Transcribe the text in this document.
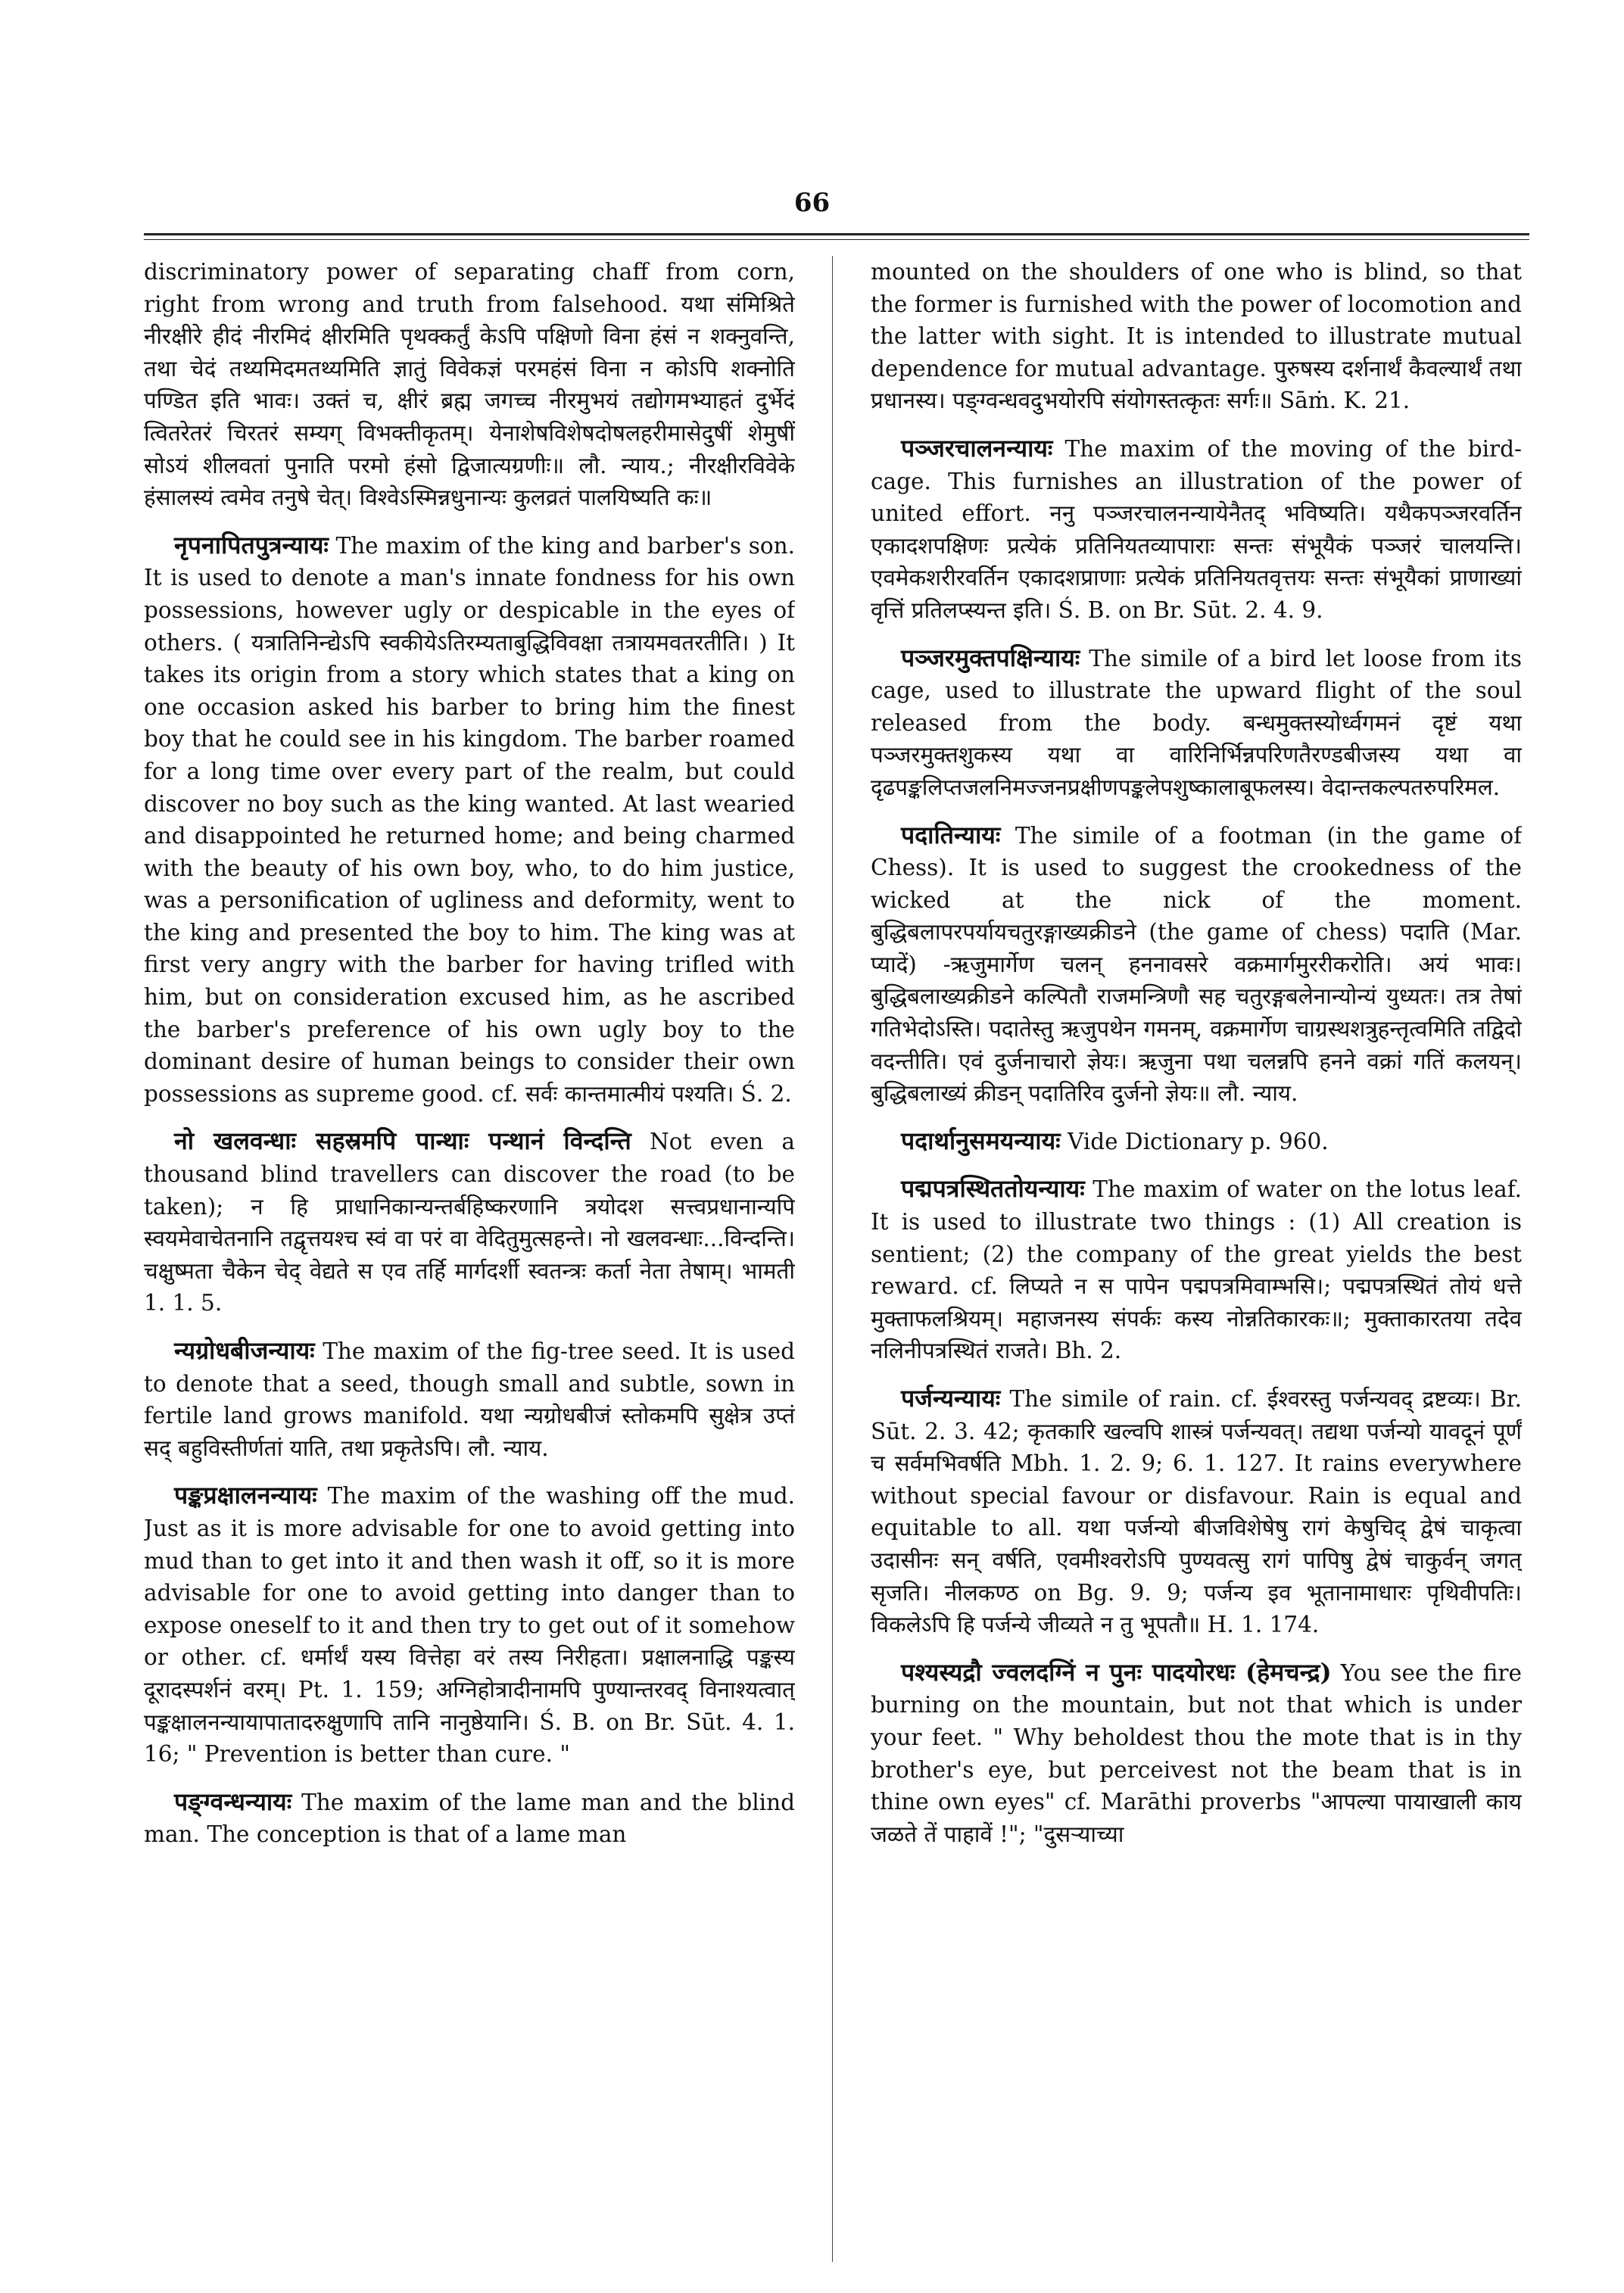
66

discriminatory power of separating chaff from corn, right from wrong and truth from falsehood. यथा संमिश्रिते नीरक्षीरे हीदं नीरमिदं क्षीरमिति पृथक्कर्तुं केऽपि पक्षिणो विना हंसं न शक्नुवन्ति, तथा चेदं तथ्यमिदमतथ्यमिति ज्ञातुं विवेकज्ञं परमहंसं विना न कोऽपि शक्नोति पण्डित इति भावः। उक्तं च, क्षीरं ब्रह्म जगच्च नीरमुभयं तद्योगमभ्याहतं दुर्भेदं त्वितरेतरं चिरतरं सम्यग् विभक्तीकृतम्। येनाशेषविशेषदोषलहरीमासेदुषीं शेमुषीं सोऽयं शीलवतां पुनाति परमो हंसो द्विजात्यग्रणीः॥ लौ. न्याय.; नीरक्षीरविवेके हंसालस्यं त्वमेव तनुषे चेत्। विश्वेऽस्मिन्नधुनान्यः कुलव्रतं पालयिष्यति कः॥

नृपनापितपुत्रन्यायः The maxim of the king and barber's son. It is used to denote a man's innate fondness for his own possessions, however ugly or despicable in the eyes of others. ( यत्रातिनिन्द्येऽपि स्वकीयेऽतिरम्यताबुद्धिविवक्षा तत्रायमवतरतीति। ) It takes its origin from a story which states that a king on one occasion asked his barber to bring him the finest boy that he could see in his kingdom. The barber roamed for a long time over every part of the realm, but could discover no boy such as the king wanted. At last wearied and disappointed he returned home; and being charmed with the beauty of his own boy, who, to do him justice, was a personification of ugliness and deformity, went to the king and presented the boy to him. The king was at first very angry with the barber for having trifled with him, but on consideration excused him, as he ascribed the barber's preference of his own ugly boy to the dominant desire of human beings to consider their own possessions as supreme good. cf. सर्वः कान्तमात्मीयं पश्यति। Ś. 2.

नो खलवन्धाः सहस्रमपि पान्थाः पन्थानं विन्दन्ति Not even a thousand blind travellers can discover the road (to be taken); न हि प्राधानिकान्यन्तर्बहिष्करणानि त्रयोदश सत्त्वप्रधानान्यपि स्वयमेवाचेतनानि तद्वृत्तयश्च स्वं वा परं वा वेदितुमुत्सहन्ते। नो खलवन्धाः...विन्दन्ति। चक्षुष्मता चैकेन चेद् वेद्यते स एव तर्हि मार्गदर्शी स्वतन्त्रः कर्ता नेता तेषाम्। भामती 1. 1. 5.

न्यग्रोधबीजन्यायः The maxim of the fig-tree seed. It is used to denote that a seed, though small and subtle, sown in fertile land grows manifold. यथा न्यग्रोधबीजं स्तोकमपि सुक्षेत्र उप्तं सद् बहुविस्तीर्णतां याति, तथा प्रकृतेऽपि। लौ. न्याय.

पङ्कप्रक्षालनन्यायः The maxim of the washing off the mud. Just as it is more advisable for one to avoid getting into mud than to get into it and then wash it off, so it is more advisable for one to avoid getting into danger than to expose oneself to it and then try to get out of it somehow or other. cf. धर्मार्थं यस्य वित्तेहा वरं तस्य निरीहता। प्रक्षालनाद्धि पङ्कस्य दूरादस्पर्शनं वरम्। Pt. 1. 159; अग्निहोत्रादीनामपि पुण्यान्तरवद् विनाश्यत्वात् पङ्कक्षालनन्यायापातादरुक्षुणापि तानि नानुष्ठेयानि। Ś. B. on Br. Sūt. 4. 1. 16; " Prevention is better than cure. "

पङ्ग्वन्धन्यायः The maxim of the lame man and the blind man. The conception is that of a lame man

mounted on the shoulders of one who is blind, so that the former is furnished with the power of locomotion and the latter with sight. It is intended to illustrate mutual dependence for mutual advantage. पुरुषस्य दर्शनार्थं कैवल्यार्थं तथा प्रधानस्य। पङ्ग्वन्धवदुभयोरपि संयोगस्तत्कृतः सर्गः॥ Sāṁ. K. 21.

पञ्जरचालनन्यायः The maxim of the moving of the bird-cage. This furnishes an illustration of the power of united effort. ननु पञ्जरचालनन्यायेनैतद् भविष्यति। यथैकपञ्जरवर्तिन एकादशपक्षिणः प्रत्येकं प्रतिनियतव्यापाराः सन्तः संभूयैकं पञ्जरं चालयन्ति। एवमेकशरीरवर्तिन एकादशप्राणाः प्रत्येकं प्रतिनियतवृत्तयः सन्तः संभूयैकां प्राणाख्यां वृत्तिं प्रतिलप्स्यन्त इति। Ś. B. on Br. Sūt. 2. 4. 9.

पञ्जरमुक्तपक्षिन्यायः The simile of a bird let loose from its cage, used to illustrate the upward flight of the soul released from the body. बन्धमुक्तस्योर्ध्वगमनं दृष्टं यथा पञ्जरमुक्तशुकस्य यथा वा वारिनिर्भिन्नपरिणतैरण्डबीजस्य यथा वा दृढपङ्कलिप्तजलनिमज्जनप्रक्षीणपङ्कलेपशुष्कालाबूफलस्य। वेदान्तकल्पतरुपरिमल.

पदातिन्यायः The simile of a footman (in the game of Chess). It is used to suggest the crookedness of the wicked at the nick of the moment. बुद्धिबलापरपर्यायचतुरङ्गाख्यक्रीडने (the game of chess) पदाति (Mar. प्यादें) -ऋजुमार्गेण चलन् हननावसरे वक्रमार्गमुररीकरोति। अयं भावः। बुद्धिबलाख्यक्रीडने कल्पितौ राजमन्त्रिणौ सह चतुरङ्गबलेनान्योन्यं युध्यतः। तत्र तेषां गतिभेदोऽस्ति। पदातेस्तु ऋजुपथेन गमनम्, वक्रमार्गेण चाग्रस्थशत्रुहन्तृत्वमिति तद्विदो वदन्तीति। एवं दुर्जनाचारो ज्ञेयः। ऋजुना पथा चलन्नपि हनने वक्रां गतिं कलयन्। बुद्धिबलाख्यं क्रीडन् पदातिरिव दुर्जनो ज्ञेयः॥ लौ. न्याय.

पदार्थानुसमयन्यायः Vide Dictionary p. 960.

पद्मपत्रस्थिततोयन्यायः The maxim of water on the lotus leaf. It is used to illustrate two things : (1) All creation is sentient; (2) the company of the great yields the best reward. cf. लिप्यते न स पापेन पद्मपत्रमिवाम्भसि।; पद्मपत्रस्थितं तोयं धत्ते मुक्ताफलश्रियम्। महाजनस्य संपर्कः कस्य नोन्नतिकारकः॥; मुक्ताकारतया तदेव नलिनीपत्रस्थितं राजते। Bh. 2.

पर्जन्यन्यायः The simile of rain. cf. ईश्वरस्तु पर्जन्यवद् द्रष्टव्यः। Br. Sūt. 2. 3. 42; कृतकारि खल्वपि शास्त्रं पर्जन्यवत्। तद्यथा पर्जन्यो यावदूनं पूर्णं च सर्वमभिवर्षति Mbh. 1. 2. 9; 6. 1. 127. It rains everywhere without special favour or disfavour. Rain is equal and equitable to all. यथा पर्जन्यो बीजविशेषेषु रागं केषुचिद् द्वेषं चाकृत्वा उदासीनः सन् वर्षति, एवमीश्वरोऽपि पुण्यवत्सु रागं पापिषु द्वेषं चाकुर्वन् जगत् सृजति। नीलकण्ठ on Bg. 9. 9; पर्जन्य इव भूतानामाधारः पृथिवीपतिः। विकलेऽपि हि पर्जन्ये जीव्यते न तु भूपतौ॥ H. 1. 174.

पश्यस्यद्रौ ज्वलदग्निं न पुनः पादयोरधः (हेमचन्द्र) You see the fire burning on the mountain, but not that which is under your feet. " Why beholdest thou the mote that is in thy brother's eye, but perceivest not the beam that is in thine own eyes" cf. Marāthi proverbs "आपल्या पायाखाली काय जळते तें पाहावें !"; "दुसऱ्याच्या
